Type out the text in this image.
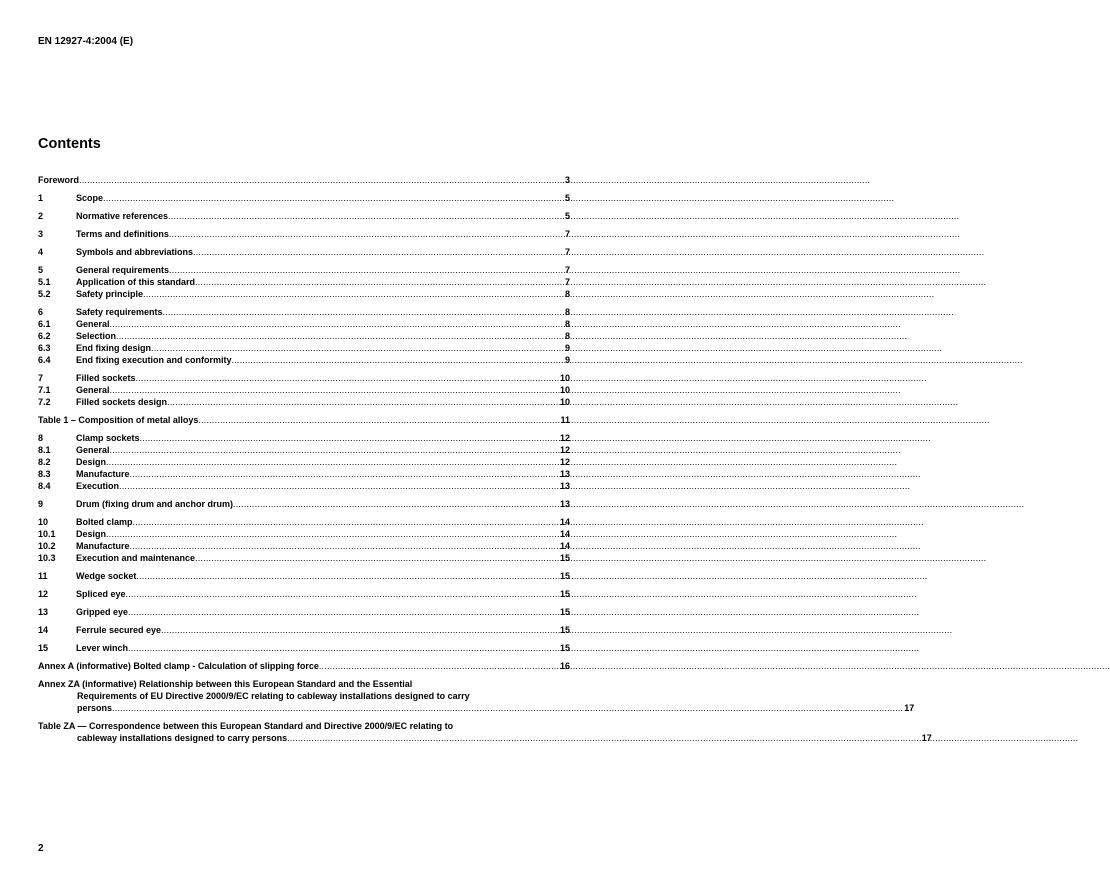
EN 12927-4:2004 (E)
Contents
Foreword .....	3
1	Scope .....	5
2	Normative references .....	5
3	Terms and definitions .....	7
4	Symbols and abbreviations .....	7
5	General requirements .....	7
5.1	Application of this standard .....	7
5.2	Safety principle .....	8
6	Safety requirements .....	8
6.1	General .....	8
6.2	Selection .....	8
6.3	End fixing design .....	9
6.4	End fixing execution and conformity .....	9
7	Filled sockets .....	10
7.1	General .....	10
7.2	Filled sockets design .....	10
Table 1 – Composition of metal alloys .....	11
8	Clamp sockets .....	12
8.1	General .....	12
8.2	Design .....	12
8.3	Manufacture .....	13
8.4	Execution .....	13
9	Drum (fixing drum and anchor drum) .....	13
10	Bolted clamp .....	14
10.1	Design .....	14
10.2	Manufacture .....	14
10.3	Execution and maintenance .....	15
11	Wedge socket .....	15
12	Spliced eye .....	15
13	Gripped eye .....	15
14	Ferrule secured eye .....	15
15	Lever winch .....	15
Annex A (informative) Bolted clamp - Calculation of slipping force .....	16
Annex ZA (informative) Relationship between this European Standard and the Essential
Requirements of EU Directive 2000/9/EC relating to cableway installations designed to carry
persons .....	17
Table ZA — Correspondence between this European Standard and Directive 2000/9/EC relating to
cableway installations designed to carry persons .....	17
2
